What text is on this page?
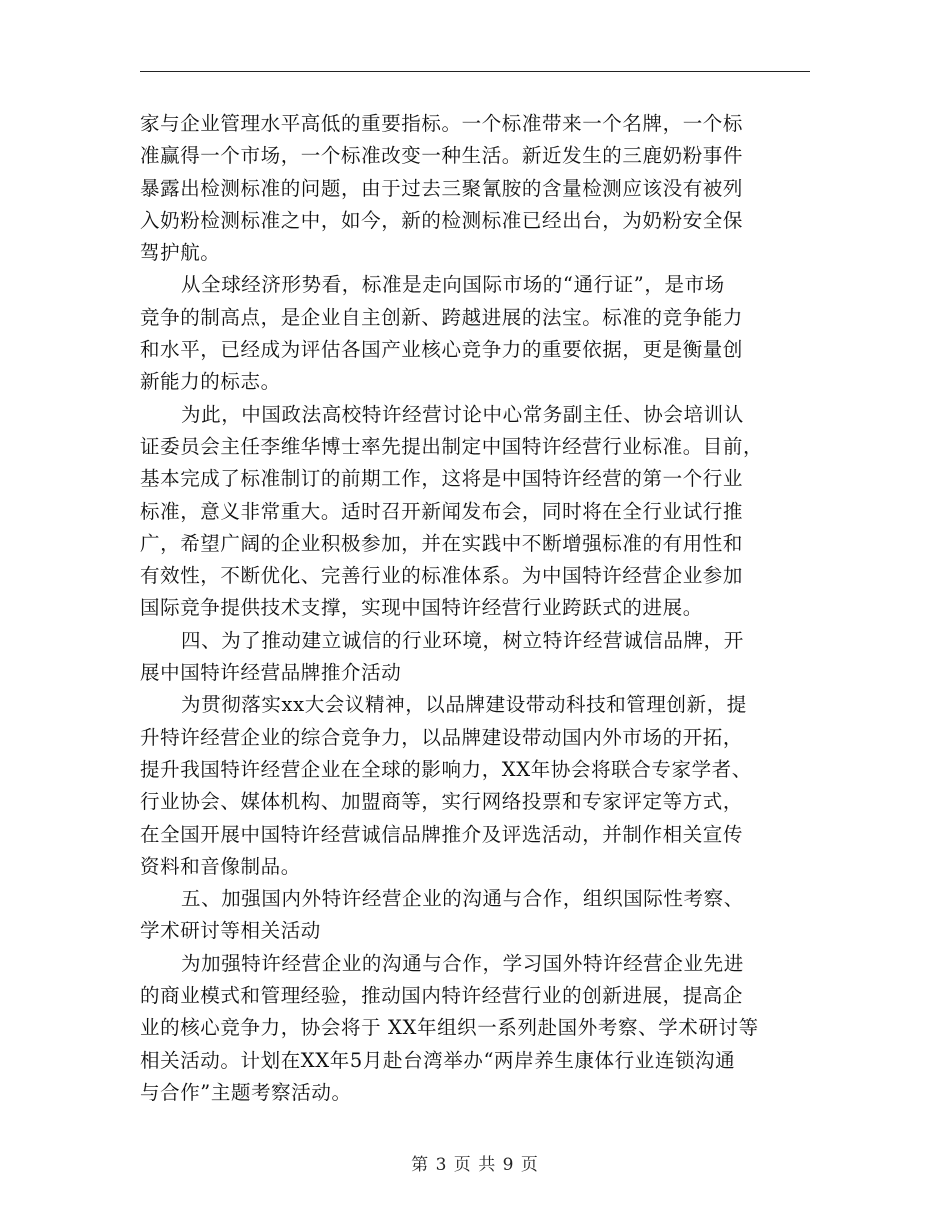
家与企业管理水平高低的重要指标。一个标准带来一个名牌，一个标
准赢得一个市场，一个标准改变一种生活。新近发生的三鹿奶粉事件
暴露出检测标准的问题，由于过去三聚氰胺的含量检测应该没有被列
入奶粉检测标准之中，如今，新的检测标准已经出台，为奶粉安全保
驾护航。
从全球经济形势看，标准是走向国际市场的“通行证”，是市场
竞争的制高点，是企业自主创新、跨越进展的法宝。标准的竞争能力
和水平，已经成为评估各国产业核心竞争力的重要依据，更是衡量创
新能力的标志。
为此，中国政法高校特许经营讨论中心常务副主任、协会培训认
证委员会主任李维华博士率先提出制定中国特许经营行业标准。目前，
基本完成了标准制订的前期工作，这将是中国特许经营的第一个行业
标准，意义非常重大。适时召开新闻发布会，同时将在全行业试行推
广，希望广阔的企业积极参加，并在实践中不断增强标准的有用性和
有效性，不断优化、完善行业的标准体系。为中国特许经营企业参加
国际竞争提供技术支撑，实现中国特许经营行业跨跃式的进展。
四、为了推动建立诚信的行业环境，树立特许经营诚信品牌，开
展中国特许经营品牌推介活动
为贯彻落实xx大会议精神，以品牌建设带动科技和管理创新，提
升特许经营企业的综合竞争力，以品牌建设带动国内外市场的开拓，
提升我国特许经营企业在全球的影响力，XX年协会将联合专家学者、
行业协会、媒体机构、加盟商等，实行网络投票和专家评定等方式，
在全国开展中国特许经营诚信品牌推介及评选活动，并制作相关宣传
资料和音像制品。
五、加强国内外特许经营企业的沟通与合作，组织国际性考察、
学术研讨等相关活动
为加强特许经营企业的沟通与合作，学习国外特许经营企业先进
的商业模式和管理经验，推动国内特许经营行业的创新进展，提高企
业的核心竞争力，协会将于 XX年组织一系列赴国外考察、学术研讨等
相关活动。计划在XX年5月赴台湾举办“两岸养生康体行业连锁沟通
与合作”主题考察活动。
第 3 页 共 9 页
